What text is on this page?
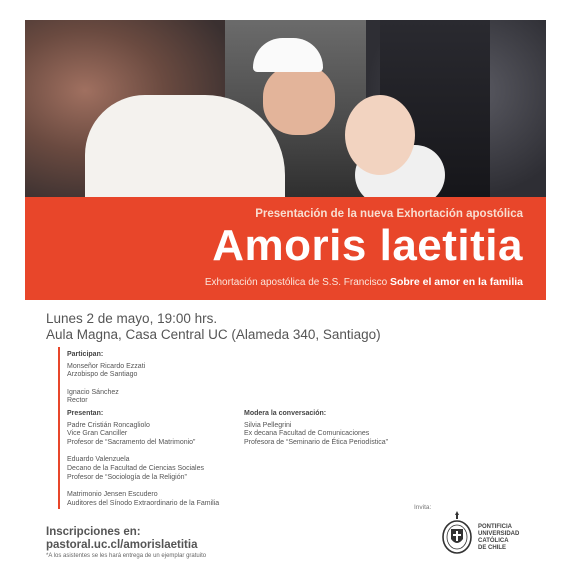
Presentación de la nueva Exhortación apostólica
Amoris laetitia
Exhortación apostólica de S.S. Francisco Sobre el amor en la familia
Lunes 2 de mayo, 19:00 hrs.
Aula Magna, Casa Central UC (Alameda 340, Santiago)
Participan:
Monseñor Ricardo Ezzati
Arzobispo de Santiago
Ignacio Sánchez
Rector
Presentan:
Padre Cristián Roncagliolo
Vice Gran Canciller
Profesor de “Sacramento del Matrimonio”
Eduardo Valenzuela
Decano de la Facultad de Ciencias Sociales
Profesor de “Sociología de la Religión”
Matrimonio Jensen Escudero
Auditores del Sínodo Extraordinario de la Familia
Modera la conversación:
Silvia Pellegrini
Ex decana Facultad de Comunicaciones
Profesora de “Seminario de Ética Periodística”
Inscripciones en:
pastoral.uc.cl/amorislaetitia
*A los asistentes se les hará entrega de un ejemplar gratuito
Invita:
PONTIFICIA
UNIVERSIDAD
CATÓLICA
DE CHILE
